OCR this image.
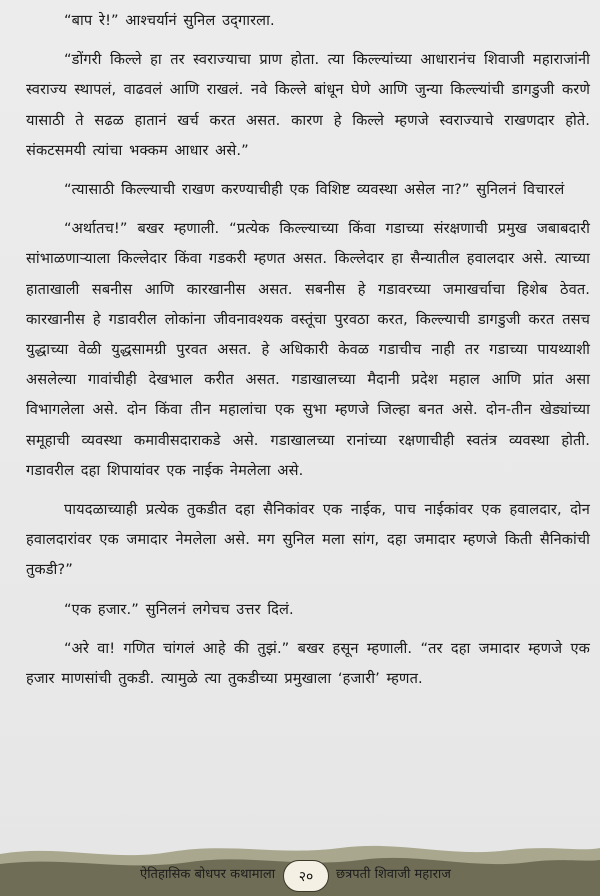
“बाप रे!” आश्चर्यानं सुनिल उद्‌गारला.

“डोंगरी किल्ले हा तर स्वराज्याचा प्राण होता. त्या किल्ल्यांच्या आधारानंच शिवाजी महाराजांनी स्वराज्य स्थापलं, वाढवलं आणि राखलं. नवे किल्ले बांधून घेणे आणि जुन्या किल्ल्यांची डागडुजी करणे यासाठी ते सढळ हातानं खर्च करत असत. कारण हे किल्ले म्हणजे स्वराज्याचे राखणदार होते. संकटसमयी त्यांचा भक्कम आधार असे.”

“त्यासाठी किल्ल्याची राखण करण्याचीही एक विशिष्ट व्यवस्था असेल ना?” सुनिलनं विचारलं

“अर्थातच!” बखर म्हणाली. “प्रत्येक किल्ल्याच्या किंवा गडाच्या संरक्षणाची प्रमुख जबाबदारी सांभाळणाऱ्याला किल्लेदार किंवा गडकरी म्हणत असत. किल्लेदार हा सैन्यातील हवालदार असे. त्याच्या हाताखाली सबनीस आणि कारखानीस असत. सबनीस हे गडावरच्या जमाखर्चाचा हिशेब ठेवत. कारखानीस हे गडावरील लोकांना जीवनावश्यक वस्तूंचा पुरवठा करत, किल्ल्याची डागडुजी करत तसच युद्धाच्या वेळी युद्धसामग्री पुरवत असत. हे अधिकारी केवळ गडाचीच नाही तर गडाच्या पायथ्याशी असलेल्या गावांचीही देखभाल करीत असत. गडाखालच्या मैदानी प्रदेश महाल आणि प्रांत असा विभागलेला असे. दोन किंवा तीन महालांचा एक सुभा म्हणजे जिल्हा बनत असे. दोन-तीन खेड्यांच्या समूहाची व्यवस्था कमावीसदाराकडे असे. गडाखालच्या रानांच्या रक्षणाचीही स्वतंत्र व्यवस्था होती. गडावरील दहा शिपायांवर एक नाईक नेमलेला असे.

पायदळाच्याही प्रत्येक तुकडीत दहा सैनिकांवर एक नाईक, पाच नाईकांवर एक हवालदार, दोन हवालदारांवर एक जमादार नेमलेला असे. मग सुनिल मला सांग, दहा जमादार म्हणजे किती सैनिकांची तुकडी?”

“एक हजार.” सुनिलनं लगेचच उत्तर दिलं.

“अरे वा! गणित चांगलं आहे की तुझं.” बखर हसून म्हणाली. “तर दहा जमादार म्हणजे एक हजार माणसांची तुकडी. त्यामुळे त्या तुकडीच्या प्रमुखाला ‘हजारी’ म्हणत.

ऐतिहासिक बोधपर कथामाला	२०	छत्रपती शिवाजी महाराज
